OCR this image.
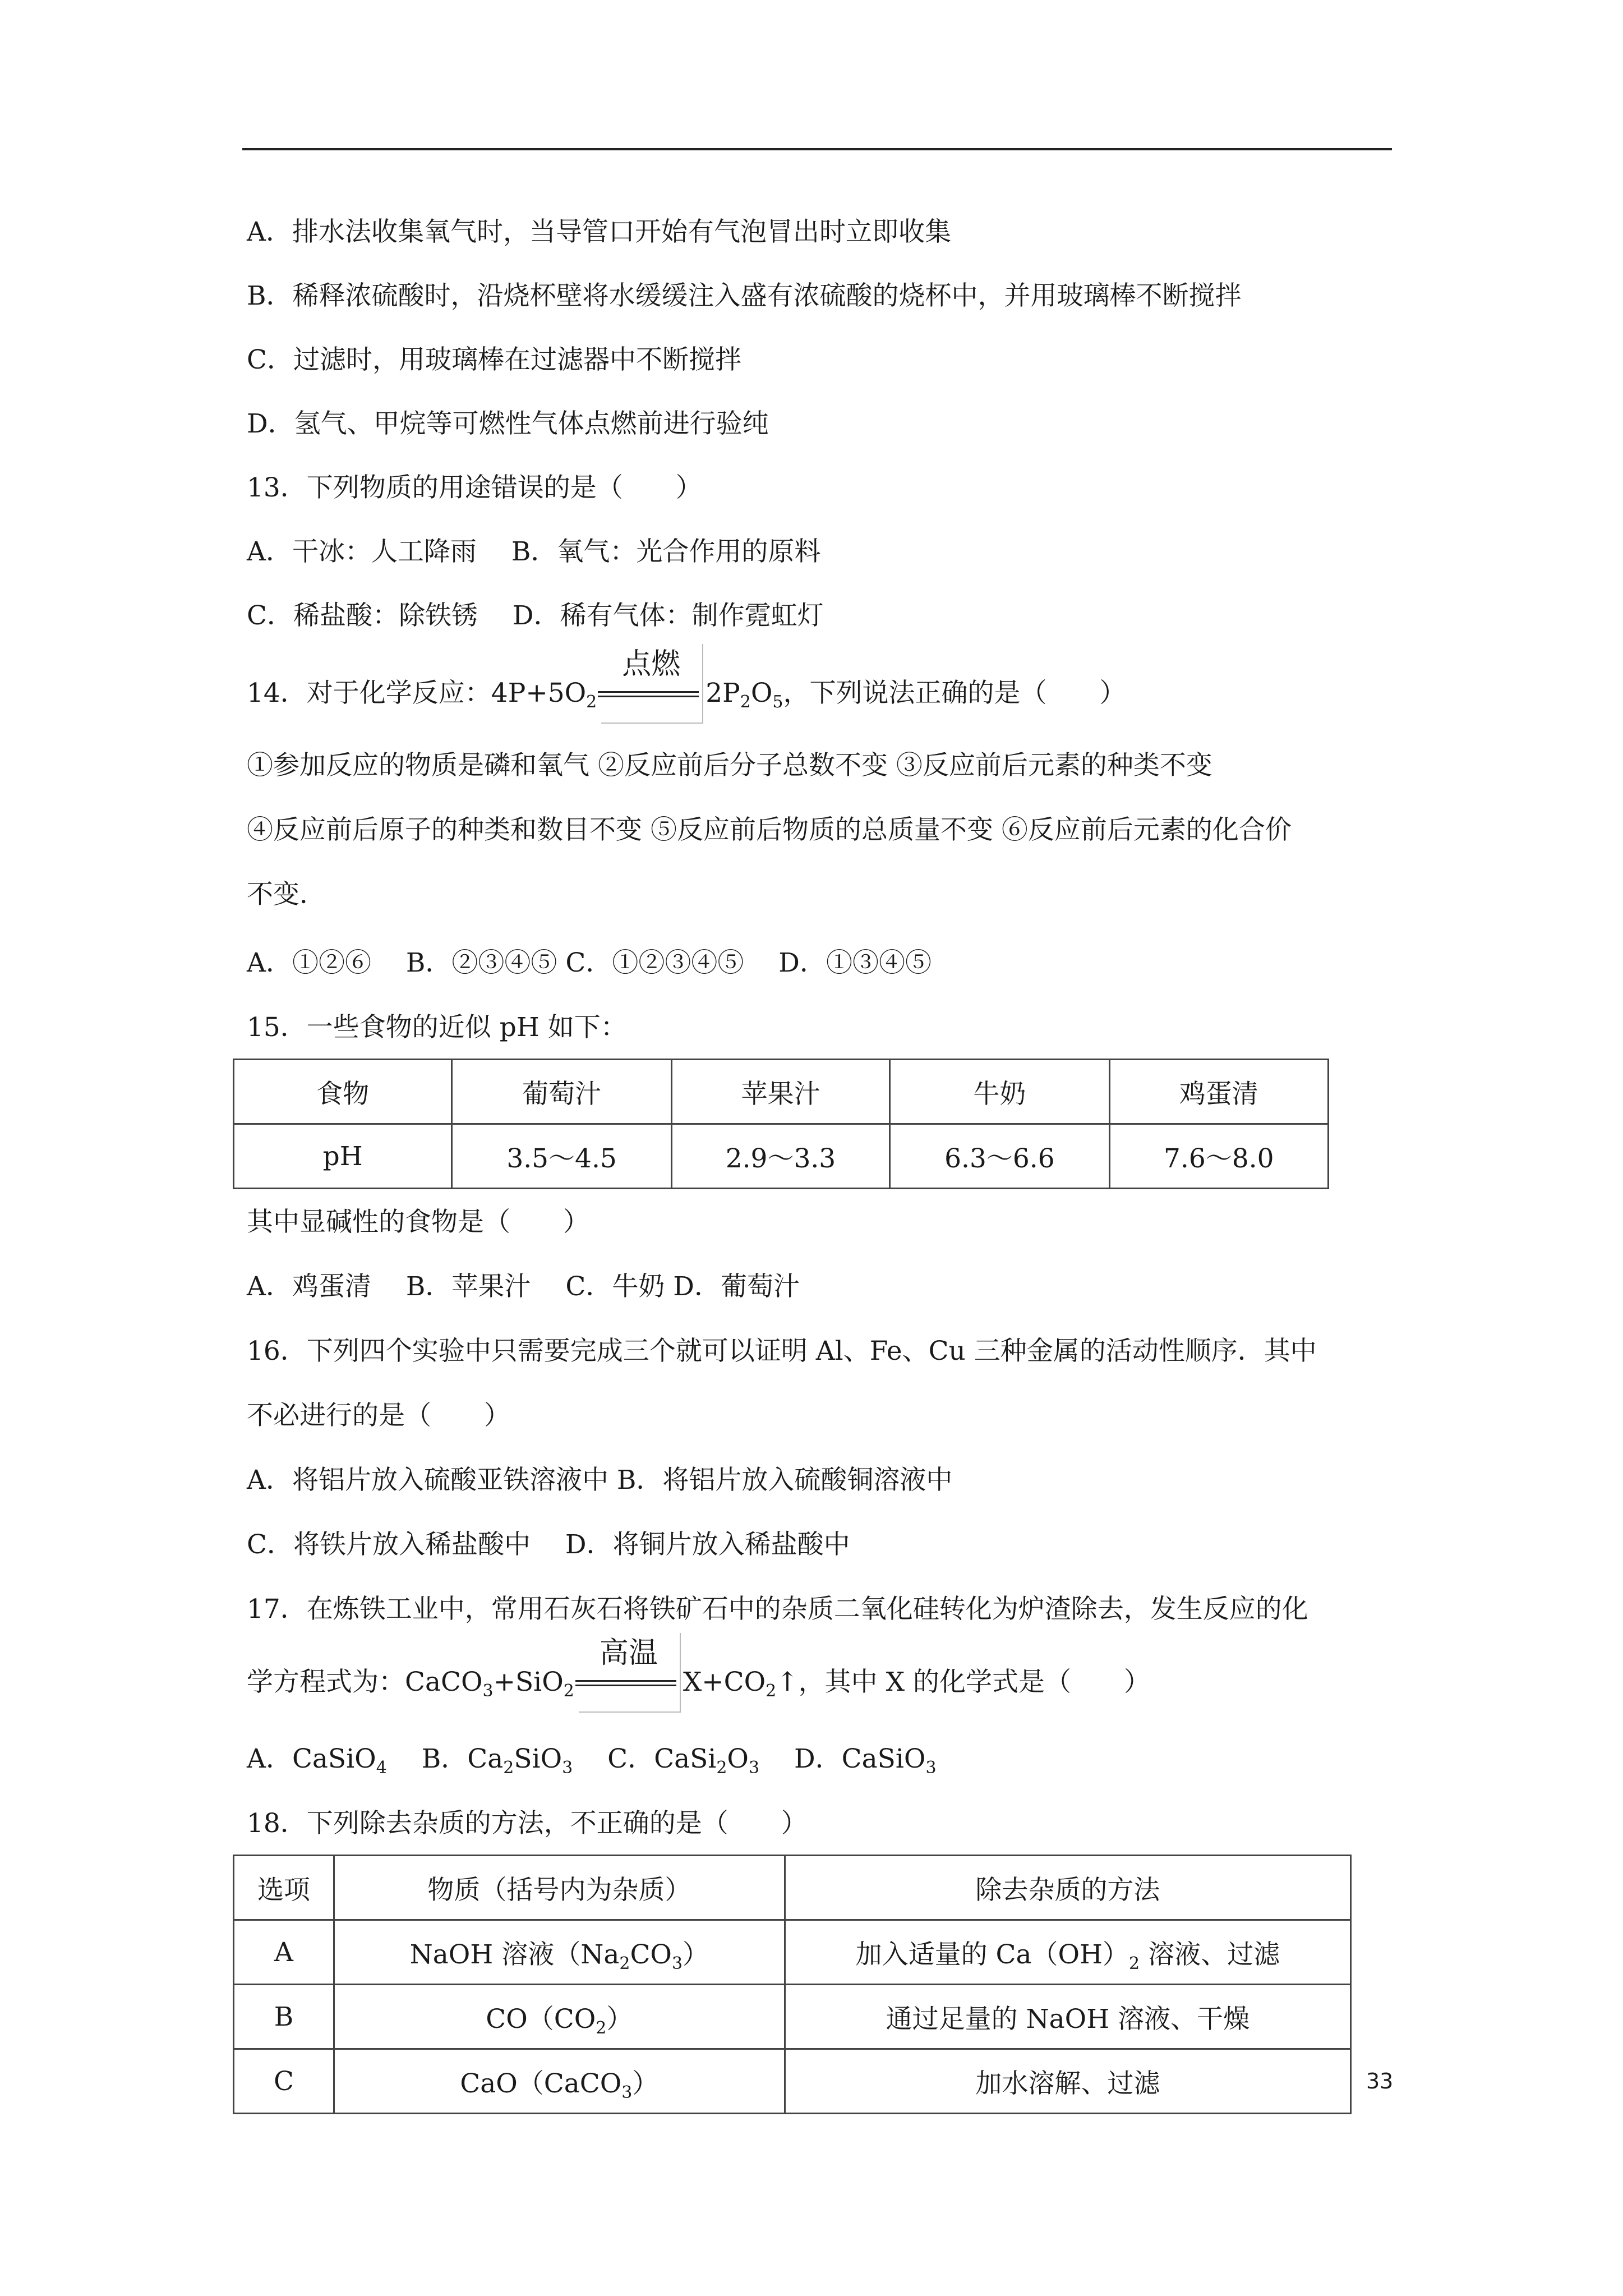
A．排水法收集氧气时，当导管口开始有气泡冒出时立即收集
B．稀释浓硫酸时，沿烧杯壁将水缓缓注入盛有浓硫酸的烧杯中，并用玻璃棒不断搅拌
C．过滤时，用玻璃棒在过滤器中不断搅拌
D．氢气、甲烷等可燃性气体点燃前进行验纯
13．下列物质的用途错误的是（　　）
A．干冰：人工降雨　 B．氧气：光合作用的原料
C．稀盐酸：除铁锈　 D．稀有气体：制作霓虹灯
14．对于化学反应：$4P+5O_2$
点燃
$2P_2O_5$，下列说法正确的是（　　）
①参加反应的物质是磷和氧气 ②反应前后分子总数不变 ③反应前后元素的种类不变
④反应前后原子的种类和数目不变 ⑤反应前后物质的总质量不变 ⑥反应前后元素的化合价
不变．
A．①②⑥　 B．②③④⑤ C．①②③④⑤　 D．①③④⑤
15．一些食物的近似 pH 如下：
食物	葡萄汁	苹果汁	牛奶	鸡蛋清
pH	3.5～4.5	2.9～3.3	6.3～6.6	7.6～8.0
其中显碱性的食物是（　　）
A．鸡蛋清　 B．苹果汁　 C．牛奶 D．葡萄汁
16．下列四个实验中只需要完成三个就可以证明 Al、Fe、Cu 三种金属的活动性顺序．其中
不必进行的是（　　）
A．将铝片放入硫酸亚铁溶液中 B．将铝片放入硫酸铜溶液中
C．将铁片放入稀盐酸中　 D．将铜片放入稀盐酸中
17．在炼铁工业中，常用石灰石将铁矿石中的杂质二氧化硅转化为炉渣除去，发生反应的化
学方程式为：CaCO$_3$+SiO$_2$
高温
$X+CO_2↑$，其中 X 的化学式是（　　）
A．CaSiO$_4$　 B．$Ca_2SiO_3$　 C．$CaSi_2O_3$　 D．CaSiO$_3$
18．下列除去杂质的方法，不正确的是（　　）
选项	物质（括号内为杂质）	除去杂质的方法
A	NaOH 溶液$(Na_2CO_3)$	加入适量的 $Ca(OH)_2$ 溶液、过滤
B	$CO(CO_2)$	通过足量的 NaOH 溶液、干燥
C	CaO（CaCO$_3$）	加水溶解、过滤	33
